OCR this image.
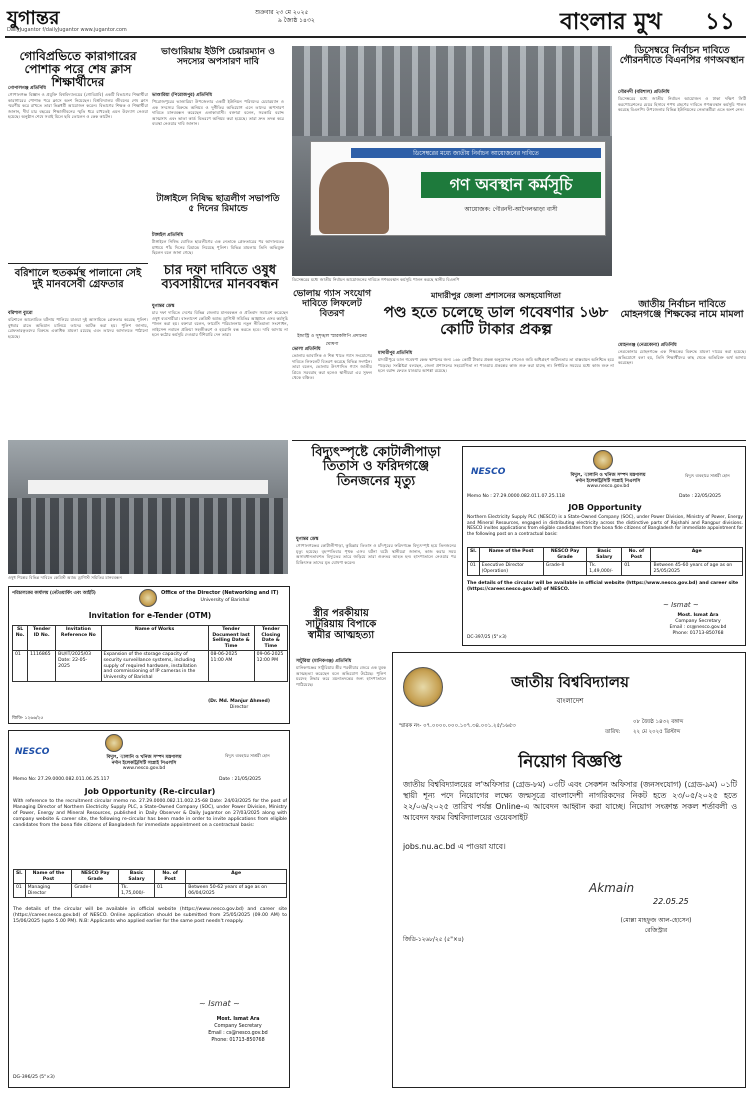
যুগান্তর	শুক্রবার ২৩ মে ২০২৫
৯ জ্যৈষ্ঠ ১৪৩২
DailyJugantor f/dailyJugantor www.jugantor.com	বাংলার মুখ	১১
গোবিপ্রভিতে কারাগারের পোশাক পরে শেষ ক্লাস শিক্ষার্থীদের
গোপালগঞ্জ প্রতিনিধি
গোপালগঞ্জ বিজ্ঞান ও প্রযুক্তি বিশ্ববিদ্যালয়ের (গোবিপ্রবি) একটি বিভাগের শিক্ষার্থীরা কারাগারের পোশাক পরে ক্লাসে অংশ নিয়েছেন। বিশ্ববিদ্যালয় জীবনের শেষ ক্লাস স্মরণীয় করে রাখতে তারা ভিন্নধর্মী আয়োজন করেন। বিভাগের শিক্ষক ও শিক্ষার্থীরা জানান, দীর্ঘ চার বছরের শিক্ষাজীবনের স্মৃতি ধরে রাখতেই এমন উদ্যোগ নেওয়া হয়েছে। অনুষ্ঠান শেষে সবাই মিলে ছবি তোলেন ও কেক কাটেন।
বরিশালে হুতকর্মস্থ পালানো সেই দুই মানবসেবী গ্রেফতার
বরিশাল ব্যুরো
বরিশালে আলোচিত ঘটনায় পালিয়ে যাওয়া দুই আসামিকে গ্রেফতার করেছে পুলিশ। বুধবার রাতে অভিযান চালিয়ে তাদের আটক করা হয়। পুলিশ জানায়, গ্রেফতারকৃতদের বিরুদ্ধে একাধিক মামলা রয়েছে এবং তাদের আদালতে পাঠানো হয়েছে।
ভাণ্ডারিয়ায় ইউপি চেয়ারম্যান ও সদস্যের অপসারণ দাবি
ভাণ্ডারিয়া (পিরোজপুর) প্রতিনিধি
পিরোজপুরের ভাণ্ডারিয়া উপজেলার একটি ইউনিয়ন পরিষদের চেয়ারম্যান ও এক সদস্যের বিরুদ্ধে অনিয়ম ও দুর্নীতির অভিযোগ এনে তাদের অপসারণ দাবিতে মানববন্ধন করেছেন এলাকাবাসী। বক্তারা বলেন, সরকারি বরাদ্দ আত্মসাৎ এবং ভাতা কার্ড বিতরণে অনিয়ম করা হয়েছে। তারা দ্রুত তদন্ত করে ব্যবস্থা নেওয়ার দাবি জানান।
টাঙ্গাইলে নিষিদ্ধ ছাত্রলীগ সভাপতি ৫ দিনের রিমান্ডে
টাঙ্গাইল প্রতিনিধি
টাঙ্গাইলে নিষিদ্ধ ঘোষিত ছাত্রলীগের এক নেতাকে গ্রেফতারের পর আদালতের মাধ্যমে পাঁচ দিনের রিমান্ডে নিয়েছে পুলিশ। বিভিন্ন মামলায় তিনি অভিযুক্ত ছিলেন বলে জানা গেছে।
চার দফা দাবিতে ওষুধ ব্যবসায়ীদের মানববন্ধন
যুগান্তর ডেস্ক
চার দফা দাবিতে দেশের বিভিন্ন জেলায় মানববন্ধন ও প্রতিবাদ সমাবেশ করেছেন ওষুধ ব্যবসায়ীরা। বাংলাদেশ কেমিস্ট অ্যান্ড ড্রাগিস্ট সমিতির আহ্বানে এসব কর্মসূচি পালন করা হয়। বক্তারা বলেন, ফার্মেসি পরিচালনায় নতুন নীতিমালা সংশোধন, লাইসেন্স নবায়ন প্রক্রিয়া সহজীকরণ ও হয়রানি বন্ধ করতে হবে। দাবি আদায় না হলে কঠোর কর্মসূচি দেওয়ার হুঁশিয়ারি দেন তারা।
ওষুধ শিল্পের বিভিন্ন দাবিতে কেমিস্ট অ্যান্ড ড্রাগিস্ট সমিতির মানববন্ধন
ডিসেম্বরের মধ্যে জাতীয় নির্বাচন আয়োজনের দাবিতে
গণ অবস্থান কর্মসূচি
আয়োজক: গৌরনদী-আগৈলঝাড়া বাসী
ডিসেম্বরের মধ্যে জাতীয় নির্বাচন আয়োজনের দাবিতে গণঅবস্থান কর্মসূচি পালন করছে স্থানীয় বিএনপি
ডিসেম্বরে নির্বাচন দাবিতে গৌরনদীতে বিএনপির গণঅবস্থান
গৌরনদী (বরিশাল) প্রতিনিধি
ডিসেম্বরের মধ্যে জাতীয় নির্বাচন আয়োজন ও ঢাকা দক্ষিণ সিটি করপোরেশনের মেয়র হিসাবে শপথ গ্রহণের দাবিতে গণঅবস্থান কর্মসূচি পালন করেছে বিএনপি। উপজেলার বিভিন্ন ইউনিয়নের নেতাকর্মীরা এতে অংশ নেন।
জাতীয় নির্বাচন দাবিতে মোহনগঞ্জে শিক্ষকের নামে মামলা
মোহনগঞ্জ (নেত্রকোনা) প্রতিনিধি
নেত্রকোনার মোহনগঞ্জে এক শিক্ষকের বিরুদ্ধে মামলা দায়ের করা হয়েছে। অভিযোগে বলা হয়, তিনি শিক্ষার্থীদের কাছ থেকে অতিরিক্ত অর্থ আদায় করেছেন।
ভোলায় গ্যাস সংযোগ দাবিতে লিফলেট বিতরণ
ইন্ডাস্ট্রি ও সুশৃঙ্খল স্মারকলিপি প্রদানের ঘোষণা
ভোলা প্রতিনিধি
ভোলায় আবাসিক ও শিল্প খাতে গ্যাস সংযোগের দাবিতে লিফলেট বিতরণ করেছে বিভিন্ন সংগঠন। তারা বলেন, ভোলায় উৎপাদিত গ্যাস জাতীয় গ্রিডে সরবরাহ করা হলেও স্থানীয়রা এর সুফল থেকে বঞ্চিত।
মাদারীপুর জেলা প্রশাসনের অসহযোগিতা
পণ্ড হতে চলেছে ডাল গবেষণার ১৬৮ কোটি টাকার প্রকল্প
মাদারীপুর প্রতিনিধি
মাদারীপুরে ডাল গবেষণা কেন্দ্র স্থাপনের জন্য ১৬৮ কোটি টাকার প্রকল্প অনুমোদন পেলেও জমি অধিগ্রহণ জটিলতায় তা বাস্তবায়ন অনিশ্চিত হয়ে পড়েছে। সংশ্লিষ্টরা বলছেন, জেলা প্রশাসনের সহযোগিতা না পাওয়ায় প্রকল্পের কাজ শুরু করা যাচ্ছে না। নির্ধারিত সময়ের মধ্যে কাজ শুরু না হলে বরাদ্দ ফেরত যাওয়ার আশঙ্কা রয়েছে।
বিদ্যুৎস্পৃষ্টে কোটালীপাড়া তিতাস ও ফরিদগঞ্জে তিনজনের মৃত্যু
যুগান্তর ডেস্ক
গোপালগঞ্জের কোটালীপাড়া, কুমিল্লার তিতাস ও চাঁদপুরের ফরিদগঞ্জে বিদ্যুৎস্পৃষ্ট হয়ে তিনজনের মৃত্যু হয়েছে। বৃহস্পতিবার পৃথক এসব ঘটনা ঘটে। স্থানীয়রা জানান, কাজ করার সময় অসাবধানতাবশত বিদ্যুতের তারে জড়িয়ে তারা গুরুতর আহত হন। হাসপাতালে নেওয়ার পর চিকিৎসক তাদের মৃত ঘোষণা করেন।
স্ত্রীর পরকীয়ায় সাটুরিয়ায় বিপাকে স্বামীর আত্মহত্যা
সাটুরিয়া (মানিকগঞ্জ) প্রতিনিধি
মানিকগঞ্জের সাটুরিয়ায় স্ত্রীর পরকীয়ার জেরে এক যুবক আত্মহত্যা করেছেন বলে অভিযোগ উঠেছে। পুলিশ মরদেহ উদ্ধার করে ময়নাতদন্তের জন্য হাসপাতালে পাঠিয়েছে।
NESCO	বিদ্যুৎ, জ্বালানি ও খনিজ সম্পদ মন্ত্রণালয়
নর্দান ইলেকট্রিসিটি সাপ্লাই পিএলসি
বিদ্যুৎ ব্যবহারে সাশ্রয়ী হোন
www.nesco.gov.bd
Memo No : 27.29.0000.082.011.07.25.118	Date : 22/05/2025
JOB Opportunity
Northern Electricity Supply PLC (NESCO) is a State-Owned Company (SOC), under Power Division, Ministry of Power, Energy and Mineral Resources, engaged in distributing electricity across the distinctive parts of Rajshahi and Rangpur divisions. NESCO invites applications from eligible candidates from the bona fide citizens of Bangladesh for immediate appointment for the following post on a contractual basis:
Sl.	Name of the Post	NESCO Pay Grade	Basic Salary	No. of Post	Age
01	Executive Director (Operation)	Grade-II	Tk. 1,49,000/-	01	Between 45-60 years of age as on 25/05/2025
The details of the circular will be available in official website (https://www.nesco.gov.bd) and career site (https://career.nesco.gov.bd) of NESCO.
~ Ismat ~
Most. Ismat Ara
Company Secretary
Email : cs@nesco.gov.bd
Phone: 01713-850768
DC-397/25 (5"×3)
পরিচালকের কার্যালয় (নেটওয়ার্কিং এবং আইটি)	Office of the Director (Networking and IT)
University of Barishal
Invitation for e-Tender (OTM)
SL No.	Tender ID No.	Invitation Reference No	Name of Works	Tender Document last Selling Date & Time	Tender Closing Date & Time
01	1116865	BU/IT/2025/03 Date: 22-05-2025	Expansion of the storage capacity of security surveillance systems, including supply of required hardware, installation and commissioning of IP cameras in the University of Barishal	08-06-2025 11:00 AM	09-06-2025 12:00 PM
(Dr. Md. Manjur Ahmed)
Director
জিডি- ১২৬৬/২৫
NESCO
বিদ্যুৎ, জ্বালানি ও খনিজ সম্পদ মন্ত্রণালয়
নর্দান ইলেকট্রিসিটি সাপ্লাই পিএলসি
বিদ্যুৎ ব্যবহারে সাশ্রয়ী হোন
www.nesco.gov.bd
Memo No: 27.29.0000.082.011.06.25.117	Date : 21/05/2025
Job Opportunity (Re-circular)
With reference to the recruitment circular memo no. 27.29.0000.082.11.002.25-68 Date: 24/03/2025 for the post of Managing Director of Northern Electricity Supply PLC, a State-Owned Company (SOC), under Power Division, Ministry of Power, Energy and Mineral Resources, published in Daily Observer & Daily Jugantor on 27/03/2025 along with company website & career site, the following re-circular has been made in order to invite applications from eligible candidates from the bona fide citizens of Bangladesh for immediate appointment on a contractual basis:
Sl.	Name of the Post	NESCO Pay Grade	Basic Salary	No. of Post	Age
01	Managing Director	Grade-I	Tk. 1,75,000/-	01	Between 50-62 years of age as on 06/04/2025
The details of the circular will be available in official website (https://www.nesco.gov.bd) and career site (https://career.nesco.gov.bd) of NESCO. Online application should be submitted from 25/05/2025 (09.00 AM) to 15/06/2025 (upto 5.00 PM). N.B: Applicants who applied earlier for the same post needn't reapply.
~ Ismat ~
Most. Ismat Ara
Company Secretary
Email : cs@nesco.gov.bd
Phone: 01713-850768
DG-396/25 (5"×3)
জাতীয় বিশ্ববিদ্যালয়
বাংলাদেশ
স্মারক নং- ০৭.০০০০.০০০.১০৭.৩৪.০০১.২৫/১৬৫৩
০৮ জ্যৈষ্ঠ ১৪৩২ বঙ্গাব্দ
তারিখ:	২২ মে ২০২৫ খ্রিস্টাব্দ
নিয়োগ বিজ্ঞপ্তি
জাতীয় বিশ্ববিদ্যালয়ের ল'অফিসার (গ্রেড-৮ম) ০৩টি এবং সেকশন অফিসার (জনসংযোগ) (গ্রেড-৯ম) ০১টি স্থায়ী শূন্য পদে নিয়োগের লক্ষ্যে জন্মসূত্রে বাংলাদেশী নাগরিকদের নিকট হতে ২৩/০৫/২০২৫ হতে ২২/০৬/২০২৫ তারিখ পর্যন্ত Online-এ আবেদন আহ্বান করা যাচ্ছে। নিয়োগ সংক্রান্ত সকল শর্তাবলী ও আবেদন ফরম বিশ্ববিদ্যালয়ের ওয়েবসাইট
jobs.nu.ac.bd এ পাওয়া যাবে।
Akmain
22.05.25
(মোল্লা মাহফুজ আল-হোসেন)
রেজিস্ট্রার
জিডি-১২৬৮/২৫ (৫"×৪)
